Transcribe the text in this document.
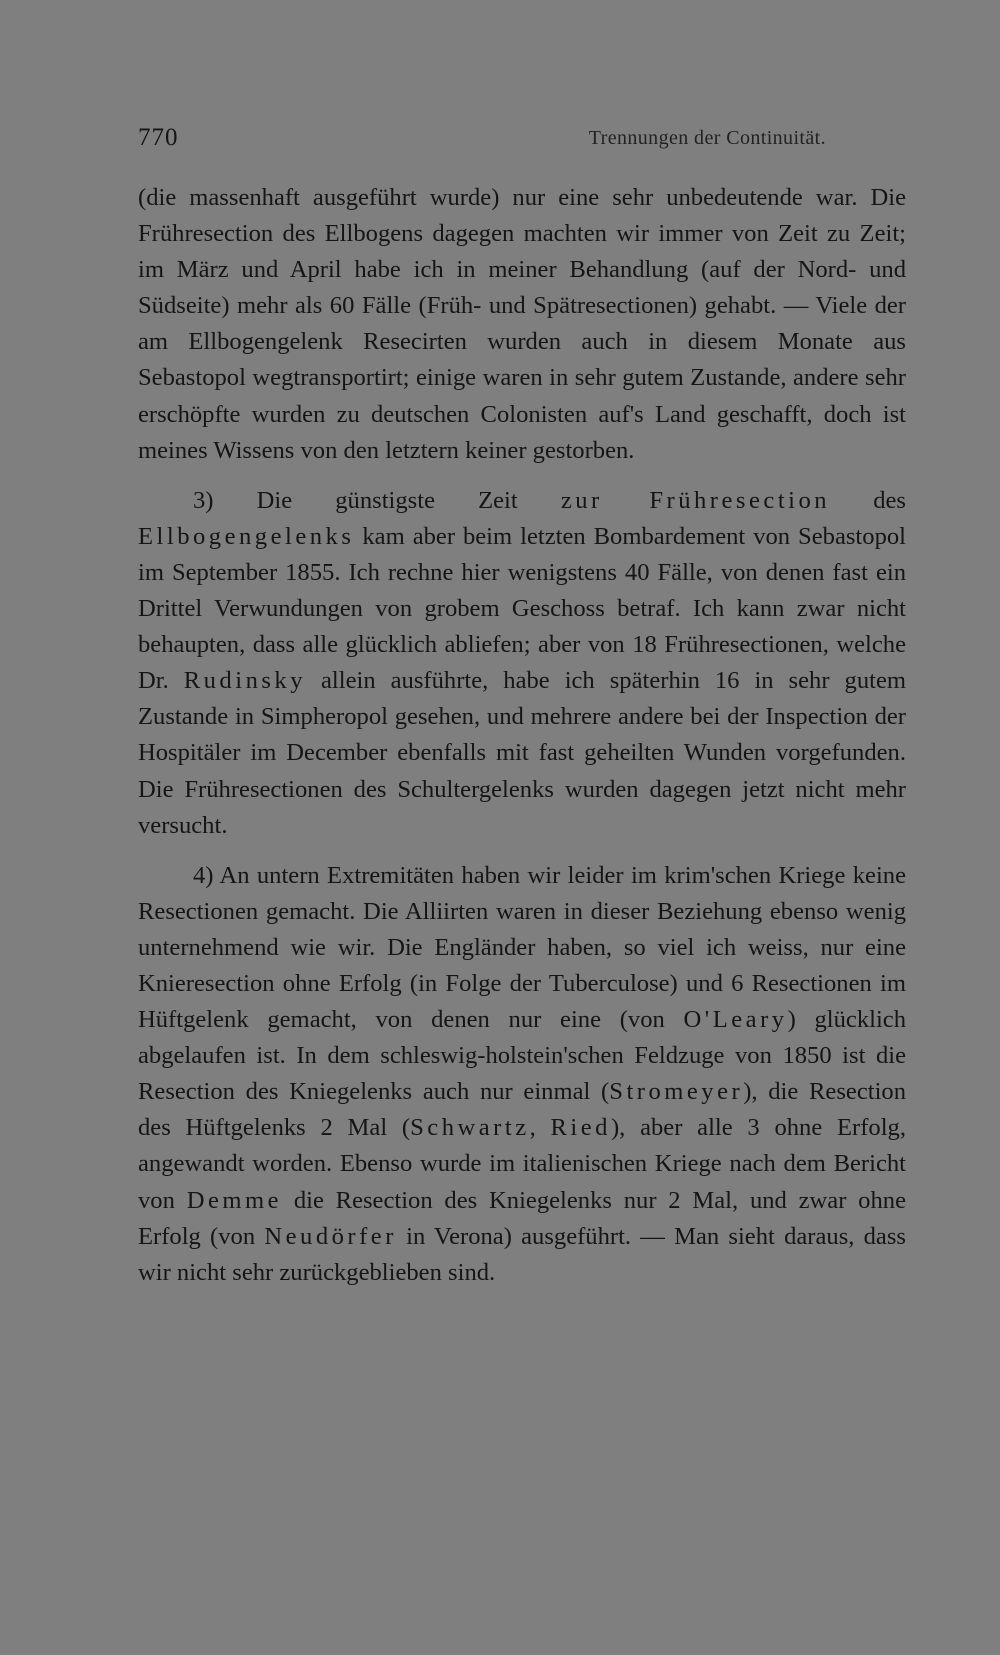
770	Trennungen der Continuität.

(die massenhaft ausgeführt wurde) nur eine sehr unbedeutende war. Die Frühresection des Ellbogens dagegen machten wir immer von Zeit zu Zeit; im März und April habe ich in meiner Behandlung (auf der Nord- und Südseite) mehr als 60 Fälle (Früh- und Spätresectionen) gehabt. — Viele der am Ellbogengelenk Resecirten wurden auch in diesem Monate aus Sebastopol wegtransportirt; einige waren in sehr gutem Zustande, andere sehr erschöpfte wurden zu deutschen Colonisten auf's Land geschafft, doch ist meines Wissens von den letztern keiner gestorben.

3) Die günstigste Zeit zur Frühresection des Ellbogengelenks kam aber beim letzten Bombardement von Sebastopol im September 1855. Ich rechne hier wenigstens 40 Fälle, von denen fast ein Drittel Verwundungen von grobem Geschoss betraf. Ich kann zwar nicht behaupten, dass alle glücklich abliefen; aber von 18 Frühresectionen, welche Dr. Rudinsky allein ausführte, habe ich späterhin 16 in sehr gutem Zustande in Simpheropol gesehen, und mehrere andere bei der Inspection der Hospitäler im December ebenfalls mit fast geheilten Wunden vorgefunden. Die Frühresectionen des Schultergelenks wurden dagegen jetzt nicht mehr versucht.

4) An untern Extremitäten haben wir leider im krim'schen Kriege keine Resectionen gemacht. Die Alliirten waren in dieser Beziehung ebenso wenig unternehmend wie wir. Die Engländer haben, so viel ich weiss, nur eine Knieresection ohne Erfolg (in Folge der Tuberculose) und 6 Resectionen im Hüftgelenk gemacht, von denen nur eine (von O'Leary) glücklich abgelaufen ist. In dem schleswig-holstein'schen Feldzuge von 1850 ist die Resection des Kniegelenks auch nur einmal (Stromeyer), die Resection des Hüftgelenks 2 Mal (Schwartz, Ried), aber alle 3 ohne Erfolg, angewandt worden. Ebenso wurde im italienischen Kriege nach dem Bericht von Demme die Resection des Kniegelenks nur 2 Mal, und zwar ohne Erfolg (von Neudörfer in Verona) ausgeführt. — Man sieht daraus, dass wir nicht sehr zurückgeblieben sind.
